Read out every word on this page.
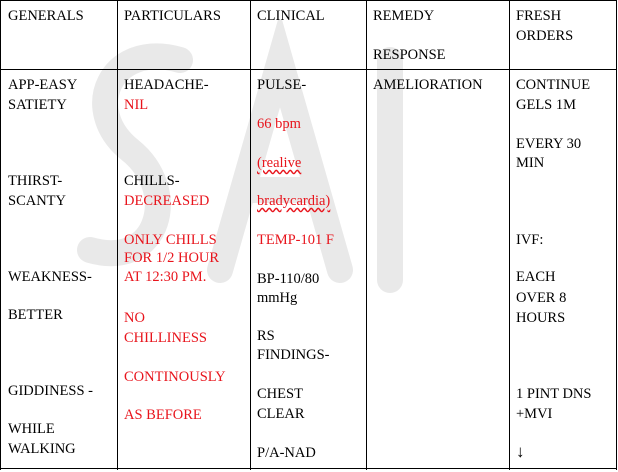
GENERALS	PARTICULARS CLINICAL	REMEDY
RESPONSE
FRESH
ORDERS
APP-EASY
SATIETY
THIRST-
SCANTY
WEAKNESS-
BETTER
GIDDINESS -
WHILE
WALKING
HEADACHE-
NIL
CHILLS-
DECREASED
ONLY CHILLS
FOR 1/2 HOUR
AT 12:30 PM.
NO
CHILLINESS
CONTINOUSLY
AS BEFORE
PULSE-
66 bpm
(realive
bradycardia)
TEMP-101 F
BP-110/80
mmHg
RS
FINDINGS-
CHEST
CLEAR
P/A-NAD
AMELIORATION CONTINUE
GELS 1M
EVERY 30
MIN
IVF:
EACH
OVER 8
HOURS
1 PINT DNS
+MVI
↓
